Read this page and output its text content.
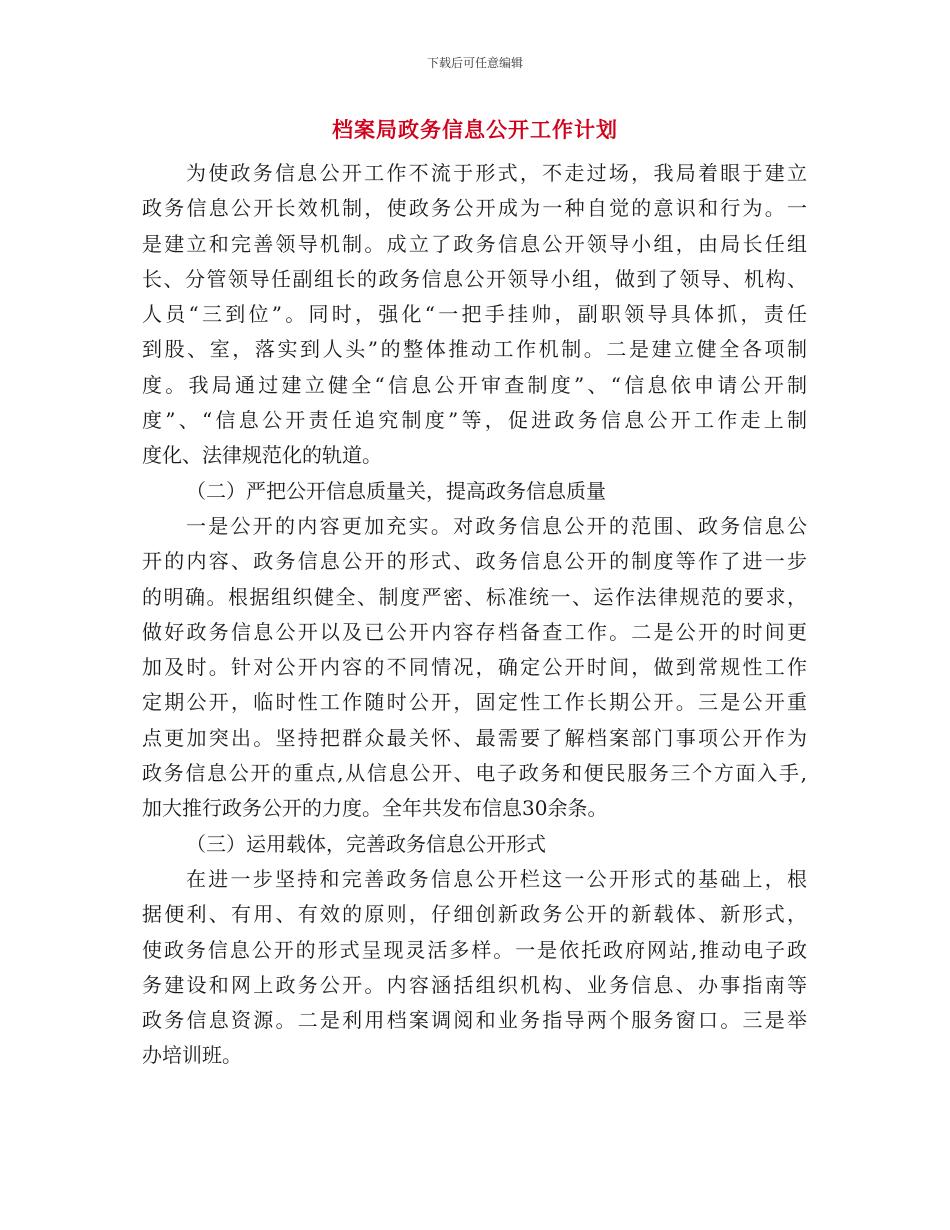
下载后可任意编辑
档案局政务信息公开工作计划
为使政务信息公开工作不流于形式，不走过场，我局着眼于建立
政务信息公开长效机制，使政务公开成为一种自觉的意识和行为。一
是建立和完善领导机制。成立了政务信息公开领导小组，由局长任组
长、分管领导任副组长的政务信息公开领导小组，做到了领导、机构、
人员“三到位”。同时，强化“一把手挂帅，副职领导具体抓，责任
到股、室，落实到人头”的整体推动工作机制。二是建立健全各项制
度。我局通过建立健全“信息公开审查制度”、“信息依申请公开制
度”、“信息公开责任追究制度”等，促进政务信息公开工作走上制
度化、法律规范化的轨道。
（二）严把公开信息质量关，提高政务信息质量
一是公开的内容更加充实。对政务信息公开的范围、政务信息公
开的内容、政务信息公开的形式、政务信息公开的制度等作了进一步
的明确。根据组织健全、制度严密、标准统一、运作法律规范的要求，
做好政务信息公开以及已公开内容存档备查工作。二是公开的时间更
加及时。针对公开内容的不同情况，确定公开时间，做到常规性工作
定期公开，临时性工作随时公开，固定性工作长期公开。三是公开重
点更加突出。坚持把群众最关怀、最需要了解档案部门事项公开作为
政务信息公开的重点,从信息公开、电子政务和便民服务三个方面入手,
加大推行政务公开的力度。全年共发布信息30余条。
（三）运用载体，完善政务信息公开形式
在进一步坚持和完善政务信息公开栏这一公开形式的基础上，根
据便利、有用、有效的原则，仔细创新政务公开的新载体、新形式，
使政务信息公开的形式呈现灵活多样。一是依托政府网站,推动电子政
务建设和网上政务公开。内容涵括组织机构、业务信息、办事指南等
政务信息资源。二是利用档案调阅和业务指导两个服务窗口。三是举
办培训班。
